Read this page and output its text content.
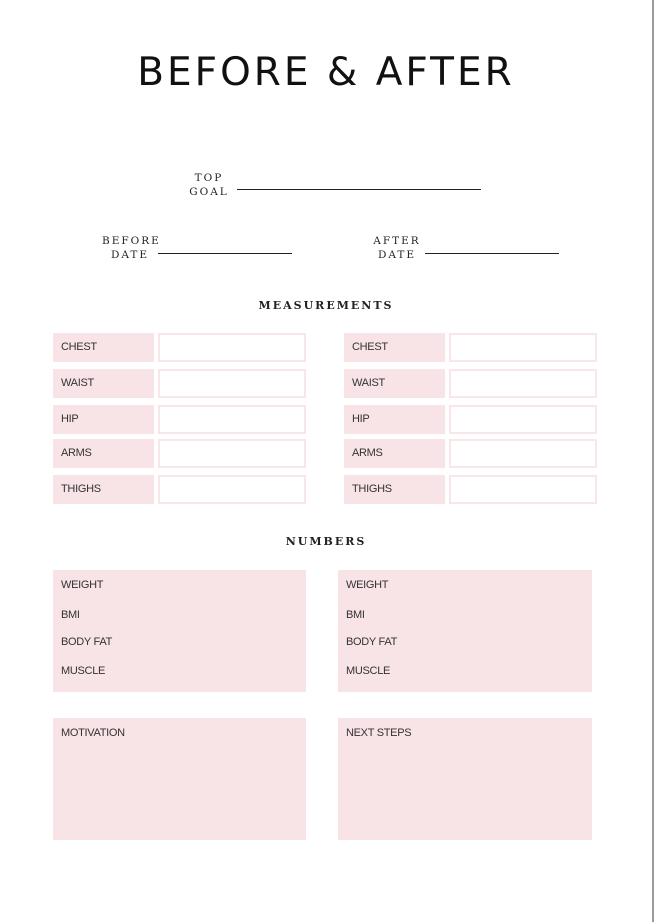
BEFORE & AFTER
TOP
GOAL
BEFORE
DATE
AFTER
DATE
MEASUREMENTS
CHEST
WAIST
HIP
ARMS
THIGHS
CHEST
WAIST
HIP
ARMS
THIGHS
NUMBERS
WEIGHT
BMI
BODY FAT
MUSCLE
WEIGHT
BMI
BODY FAT
MUSCLE
MOTIVATION	NEXT STEPS
